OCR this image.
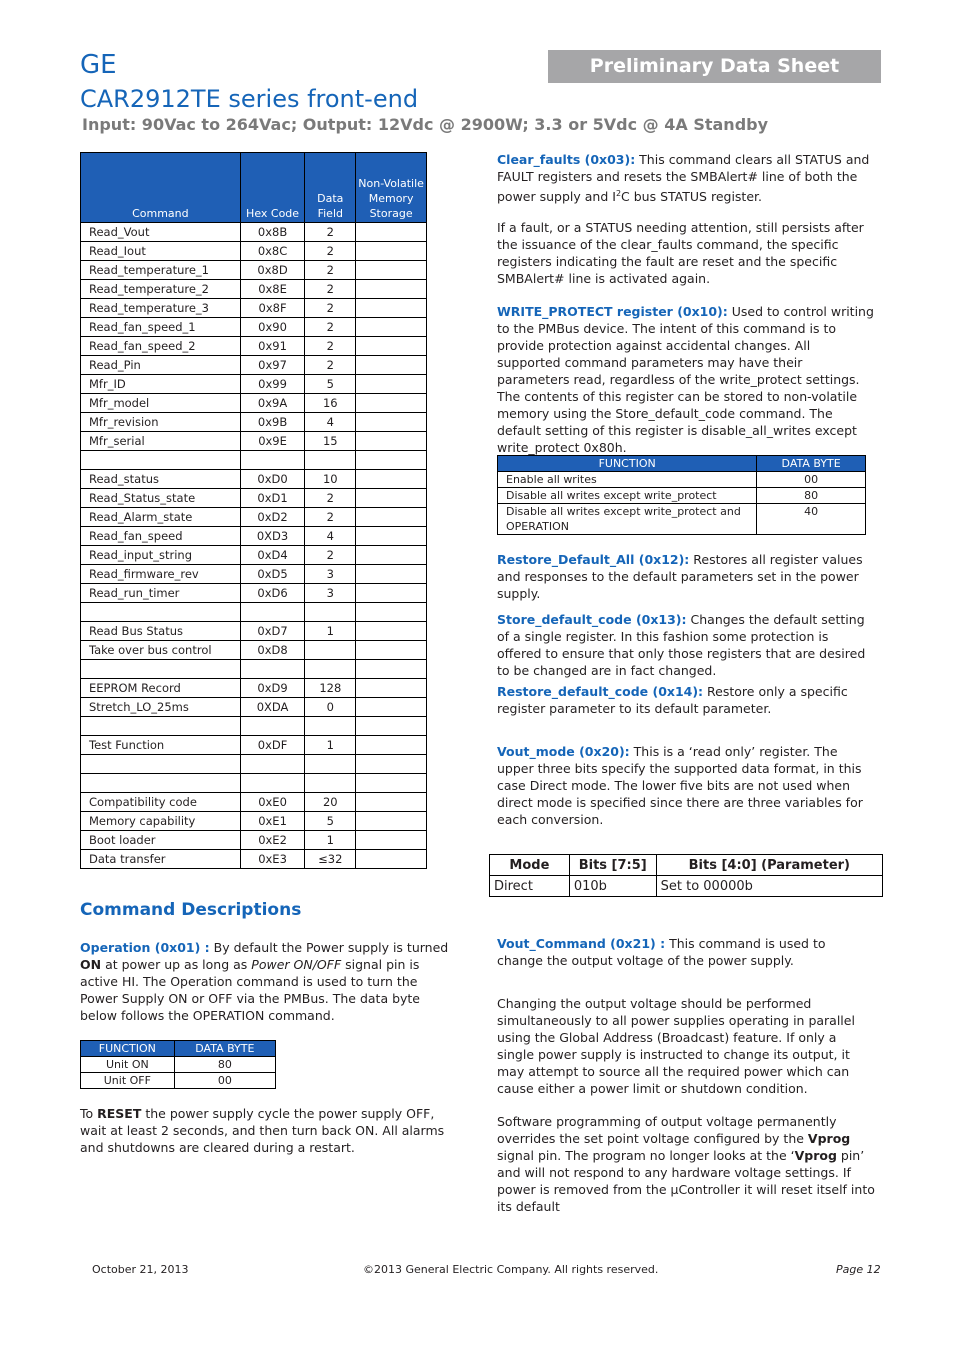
GE	Preliminary Data Sheet
CAR2912TE series front-end
Input: 90Vac to 264Vac; Output: 12Vdc @ 2900W; 3.3 or 5Vdc @ 4A Standby
Command	Hex Code	Data Field	Non-Volatile Memory Storage
Read_Vout	0x8B	2	
Read_Iout	0x8C	2	
Read_temperature_1	0x8D	2	
Read_temperature_2	0x8E	2	
Read_temperature_3	0x8F	2	
Read_fan_speed_1	0x90	2	
Read_fan_speed_2	0x91	2	
Read_Pin	0x97	2	
Mfr_ID	0x99	5	
Mfr_model	0x9A	16	
Mfr_revision	0x9B	4	
Mfr_serial	0x9E	15	

Read_status	0xD0	10	
Read_Status_state	0xD1	2	
Read_Alarm_state	0xD2	2	
Read_fan_speed	0XD3	4	
Read_input_string	0xD4	2	
Read_firmware_rev	0xD5	3	
Read_run_timer	0xD6	3	

Read Bus Status	0xD7	1	
Take over bus control	0xD8		

EEPROM Record	0xD9	128	
Stretch_LO_25ms	0XDA	0	

Test Function	0xDF	1	

Compatibility code	0xE0	20	
Memory capability	0xE1	5	
Boot loader	0xE2	1	
Data transfer	0xE3	≤32	
Command Descriptions
Operation (0x01) : By default the Power supply is turned ON at power up as long as Power ON/OFF signal pin is active HI. The Operation command is used to turn the Power Supply ON or OFF via the PMBus. The data byte below follows the OPERATION command.
FUNCTION	DATA BYTE
Unit ON	80
Unit OFF	00
To RESET the power supply cycle the power supply OFF, wait at least 2 seconds, and then turn back ON. All alarms and shutdowns are cleared during a restart.
Clear_faults (0x03): This command clears all STATUS and FAULT registers and resets the SMBAlert# line of both the power supply and $I^2C$ bus STATUS register.
If a fault, or a STATUS needing attention, still persists after the issuance of the clear_faults command, the specific registers indicating the fault are reset and the specific SMBAlert# line is activated again.
WRITE_PROTECT register (0x10): Used to control writing to the PMBus device. The intent of this command is to provide protection against accidental changes. All supported command parameters may have their parameters read, regardless of the write_protect settings. The contents of this register can be stored to non-volatile memory using the Store_default_code command. The default setting of this register is disable_all_writes except write_protect 0x80h.
FUNCTION	DATA BYTE
Enable all writes	00
Disable all writes except write_protect	80
Disable all writes except write_protect and OPERATION	40
Restore_Default_All (0x12): Restores all register values and responses to the default parameters set in the power supply.
Store_default_code (0x13): Changes the default setting of a single register. In this fashion some protection is offered to ensure that only those registers that are desired to be changed are in fact changed.
Restore_default_code (0x14): Restore only a specific register parameter to its default parameter.
Vout_mode (0x20): This is a ‘read only’ register. The upper three bits specify the supported data format, in this case Direct mode. The lower five bits are not used when direct mode is specified since there are three variables for each conversion.
Mode	Bits [7:5]	Bits [4:0] (Parameter)
Direct	010b	Set to 00000b
Vout_Command (0x21) : This command is used to change the output voltage of the power supply.
Changing the output voltage should be performed simultaneously to all power supplies operating in parallel using the Global Address (Broadcast) feature. If only a single power supply is instructed to change its output, it may attempt to source all the required power which can cause either a power limit or shutdown condition.
Software programming of output voltage permanently overrides the set point voltage configured by the Vprog signal pin. The program no longer looks at the ‘Vprog pin’ and will not respond to any hardware voltage settings. If power is removed from the µController it will reset itself into its default
October 21, 2013	©2013 General Electric Company. All rights reserved.	Page 12
